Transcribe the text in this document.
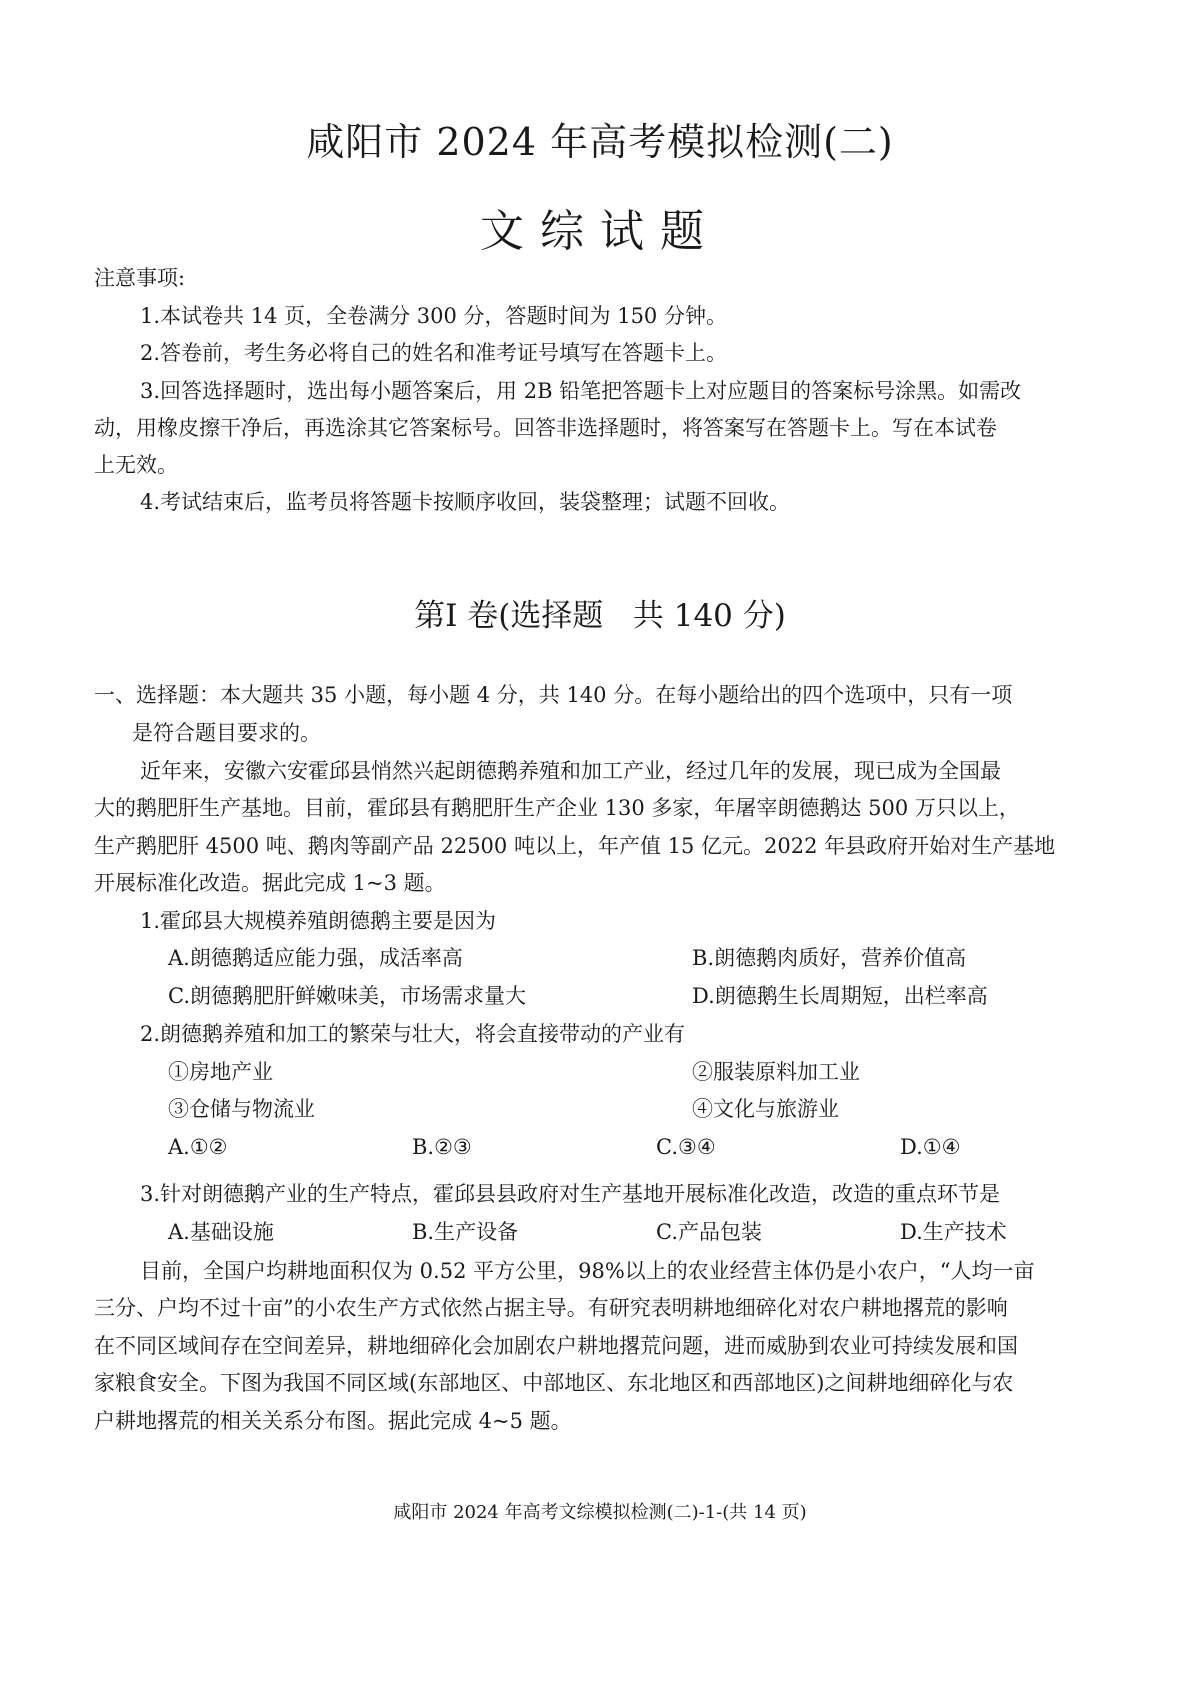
咸阳市 2024 年高考模拟检测(二)
文综试题
注意事项:
1.本试卷共 14 页，全卷满分 300 分，答题时间为 150 分钟。
2.答卷前，考生务必将自己的姓名和准考证号填写在答题卡上。
3.回答选择题时，选出每小题答案后，用 2B 铅笔把答题卡上对应题目的答案标号涂黑。如需改
动，用橡皮擦干净后，再选涂其它答案标号。回答非选择题时，将答案写在答题卡上。写在本试卷
上无效。
4.考试结束后，监考员将答题卡按顺序收回，装袋整理；试题不回收。
第Ⅰ 卷(选择题   共 140 分)
一、选择题：本大题共 35 小题，每小题 4 分，共 140 分。在每小题给出的四个选项中，只有一项
是符合题目要求的。
近年来，安徽六安霍邱县悄然兴起朗德鹅养殖和加工产业，经过几年的发展，现已成为全国最
大的鹅肥肝生产基地。目前，霍邱县有鹅肥肝生产企业 130 多家，年屠宰朗德鹅达 500 万只以上，
生产鹅肥肝 4500 吨、鹅肉等副产品 22500 吨以上，年产值 15 亿元。2022 年县政府开始对生产基地
开展标准化改造。据此完成 1~3 题。
1.霍邱县大规模养殖朗德鹅主要是因为
A.朗德鹅适应能力强，成活率高	B.朗德鹅肉质好，营养价值高
C.朗德鹅肥肝鲜嫩味美，市场需求量大	D.朗德鹅生长周期短，出栏率高
2.朗德鹅养殖和加工的繁荣与壮大，将会直接带动的产业有
①房地产业	②服装原料加工业
③仓储与物流业	④文化与旅游业
A.①②	B.②③	C.③④	D.①④
3.针对朗德鹅产业的生产特点，霍邱县县政府对生产基地开展标准化改造，改造的重点环节是
A.基础设施	B.生产设备	C.产品包装	D.生产技术
目前，全国户均耕地面积仅为 0.52 平方公里，98%以上的农业经营主体仍是小农户，“人均一亩
三分、户均不过十亩”的小农生产方式依然占据主导。有研究表明耕地细碎化对农户耕地撂荒的影响
在不同区域间存在空间差异，耕地细碎化会加剧农户耕地撂荒问题，进而威胁到农业可持续发展和国
家粮食安全。下图为我国不同区域(东部地区、中部地区、东北地区和西部地区)之间耕地细碎化与农
户耕地撂荒的相关关系分布图。据此完成 4~5 题。
咸阳市 2024 年高考文综模拟检测(二)-1-(共 14 页)
